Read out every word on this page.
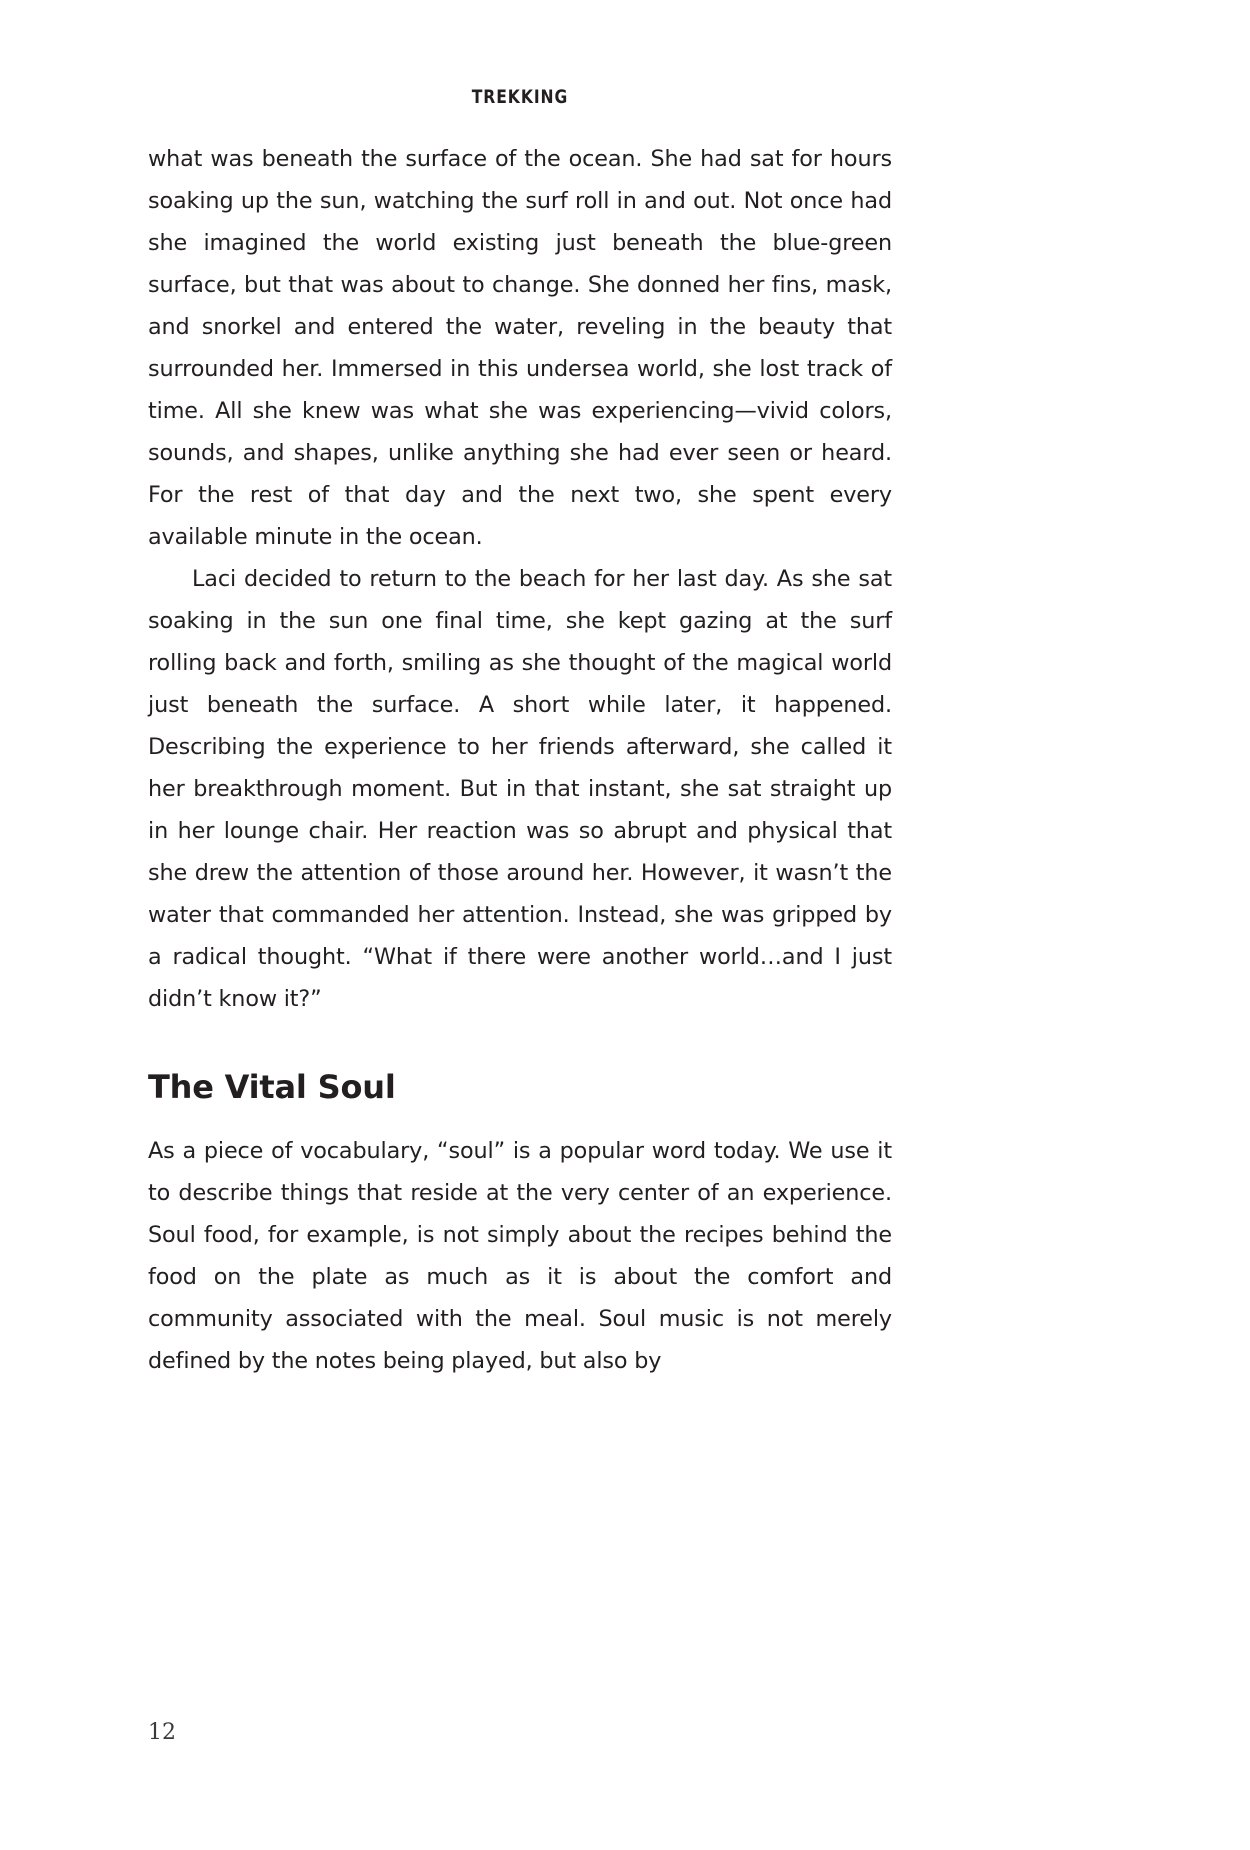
TREKKING

what was beneath the surface of the ocean. She had sat for hours soaking up the sun, watching the surf roll in and out. Not once had she imagined the world existing just beneath the blue-green surface, but that was about to change. She donned her fins, mask, and snorkel and entered the water, reveling in the beauty that surrounded her. Immersed in this undersea world, she lost track of time. All she knew was what she was experiencing—vivid colors, sounds, and shapes, unlike anything she had ever seen or heard. For the rest of that day and the next two, she spent every available minute in the ocean.

Laci decided to return to the beach for her last day. As she sat soaking in the sun one final time, she kept gazing at the surf rolling back and forth, smiling as she thought of the magical world just beneath the surface. A short while later, it happened. Describing the experience to her friends afterward, she called it her breakthrough moment. But in that instant, she sat straight up in her lounge chair. Her reaction was so abrupt and physical that she drew the attention of those around her. However, it wasn’t the water that commanded her attention. Instead, she was gripped by a radical thought. “What if there were another world…and I just didn’t know it?”

The Vital Soul

As a piece of vocabulary, “soul” is a popular word today. We use it to describe things that reside at the very center of an experience. Soul food, for example, is not simply about the recipes behind the food on the plate as much as it is about the comfort and community associated with the meal. Soul music is not merely defined by the notes being played, but also by

12
